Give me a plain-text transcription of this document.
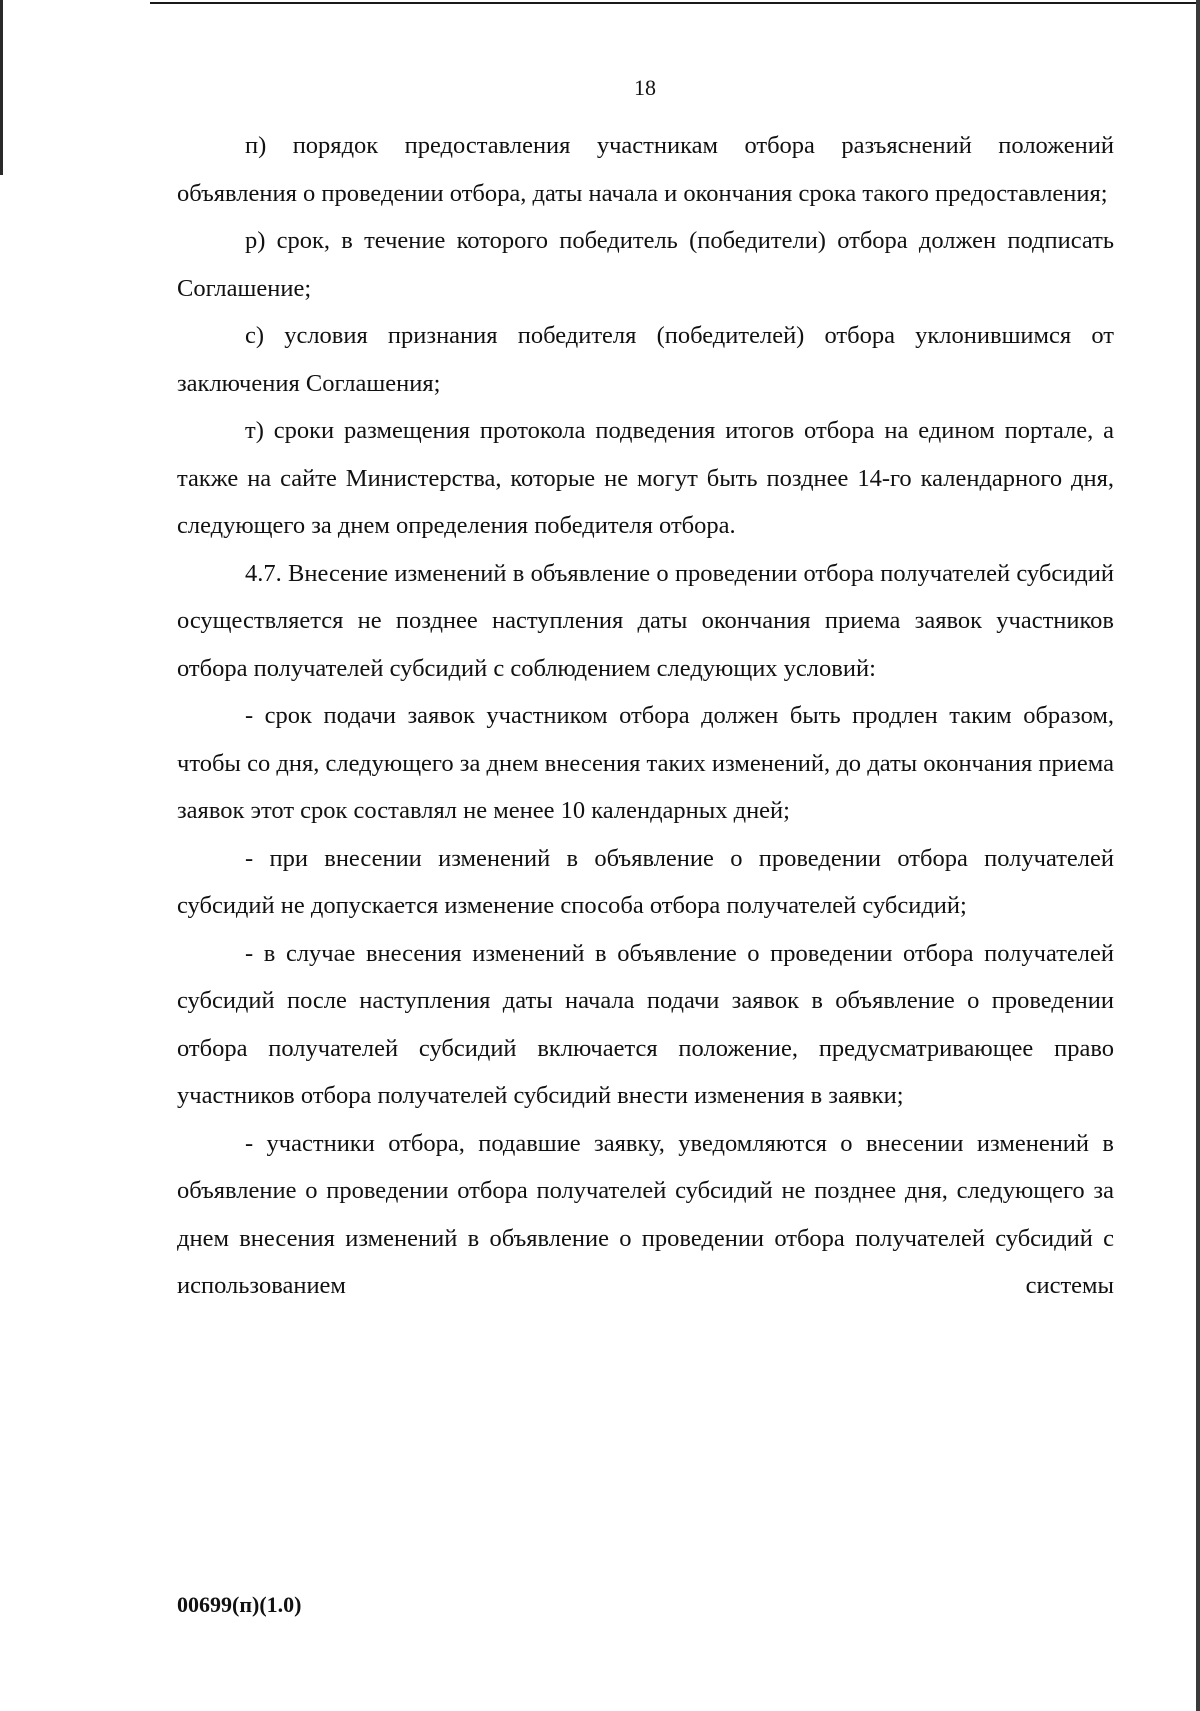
18

п) порядок предоставления участникам отбора разъяснений положений объявления о проведении отбора, даты начала и окончания срока такого предоставления;

р) срок, в течение которого победитель (победители) отбора должен подписать Соглашение;

с) условия признания победителя (победителей) отбора уклонившимся от заключения Соглашения;

т) сроки размещения протокола подведения итогов отбора на едином портале, а также на сайте Министерства, которые не могут быть позднее 14-го календарного дня, следующего за днем определения победителя отбора.

4.7. Внесение изменений в объявление о проведении отбора получателей субсидий осуществляется не позднее наступления даты окончания приема заявок участников отбора получателей субсидий с соблюдением следующих условий:

- срок подачи заявок участником отбора должен быть продлен таким образом, чтобы со дня, следующего за днем внесения таких изменений, до даты окончания приема заявок этот срок составлял не менее 10 календарных дней;

- при внесении изменений в объявление о проведении отбора получателей субсидий не допускается изменение способа отбора получателей субсидий;

- в случае внесения изменений в объявление о проведении отбора получателей субсидий после наступления даты начала подачи заявок в объявление о проведении отбора получателей субсидий включается положение, предусматривающее право участников отбора получателей субсидий внести изменения в заявки;

- участники отбора, подавшие заявку, уведомляются о внесении изменений в объявление о проведении отбора получателей субсидий не позднее дня, следующего за днем внесения изменений в объявление о проведении отбора получателей субсидий с использованием системы

00699(п)(1.0)
